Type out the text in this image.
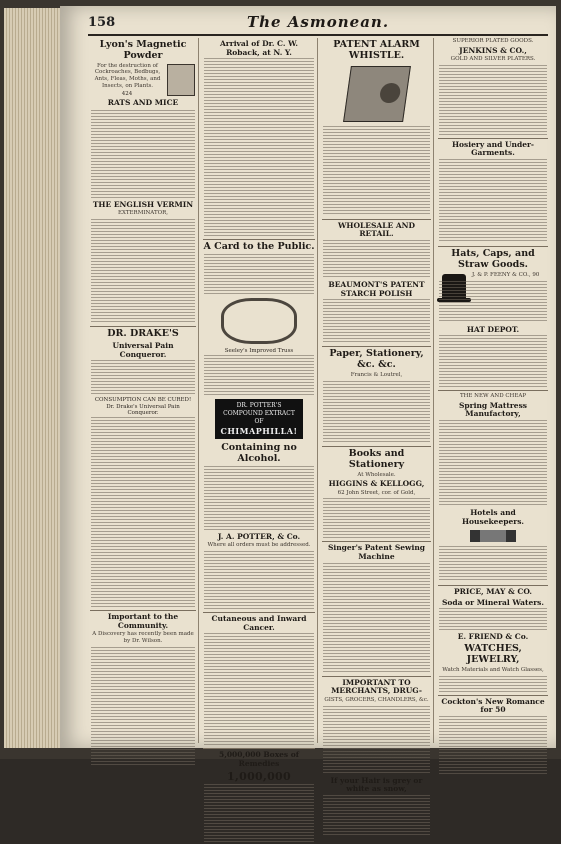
158	The Asmonean.
Lyon's Magnetic Powder
For the destruction of Cockroaches, Bedbugs, Ants, Fleas, Moths, and Insects, on Plants.
424
RATS AND MICE
THE ENGLISH VERMIN
EXTERMINATOR,
DR. DRAKE'S
Universal Pain Conqueror.
CONSUMPTION CAN BE CURED!
Dr. Drake's Universal Pain Conqueror.
Important to the Community.
A Discovery has recently been made by Dr. Wilson.
Arrival of Dr. C. W. Roback, at N. Y.
A Card to the Public.
Seeley's Improved Truss
DR. POTTER'S
COMPOUND EXTRACT
OF
CHIMAPHILLA!
Containing no Alcohol.
J. A. POTTER, & Co.
Where all orders must be addressed.
Cutaneous and Inward Cancer.
5,000,000 Boxes of Remedies
1,000,000
PATENT ALARM WHISTLE.
WHOLESALE AND RETAIL.
BEAUMONT'S PATENT STARCH POLISH
Paper, Stationery, &c. &c.
Francis & Loutrel,
Books and Stationery
At Wholesale.
HIGGINS & KELLOGG,
62 John Street, cor. of Gold,
Singer's Patent Sewing Machine
IMPORTANT TO MERCHANTS, DRUG-
GISTS, GROCERS, CHANDLERS, &c.
If your Hair is grey or white as snow,
SUPERIOR PLATED GOODS.
JENKINS & CO.,
GOLD AND SILVER PLATERS.
Hosiery and Under-Garments.
Hats, Caps, and Straw Goods.
J. & P. FEENY & CO., 90
HAT DEPOT.
THE NEW AND CHEAP
Spring Mattress Manufactory,
Hotels and Housekeepers.
PRICE, MAY & CO.
Soda or Mineral Waters.
E. FRIEND & Co.
WATCHES, JEWELRY,
Watch Materials and Watch Glasses,
Cockton's New Romance for 50
